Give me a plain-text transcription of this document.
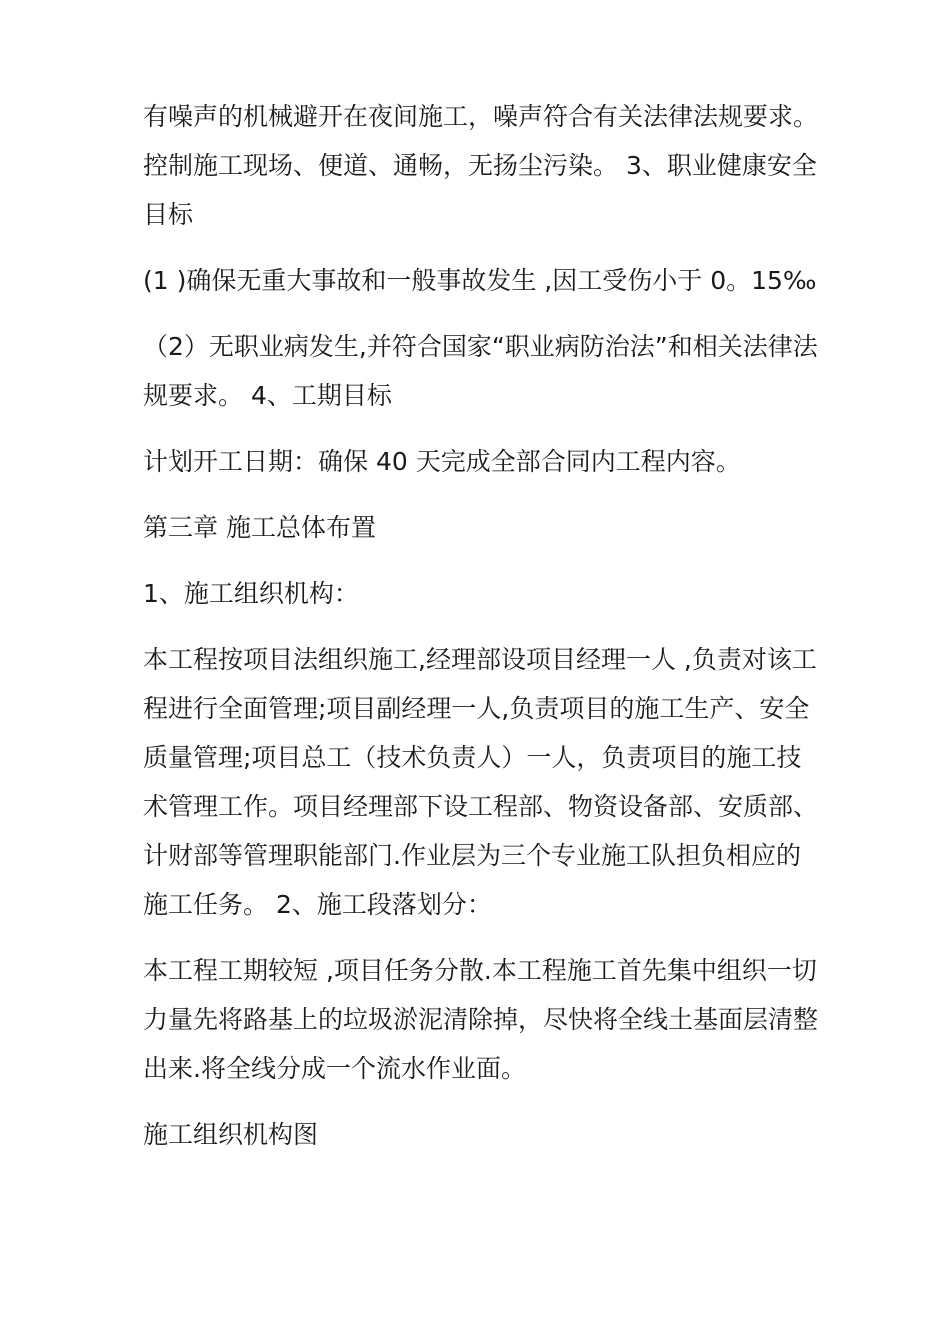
有噪声的机械避开在夜间施工，噪声符合有关法律法规要求。控制施工现场、便道、通畅，无扬尘污染。 3、职业健康安全目标

(1 )确保无重大事故和一般事故发生 ,因工受伤小于 0。15‰

（2）无职业病发生,并符合国家“职业病防治法”和相关法律法规要求。 4、工期目标

计划开工日期：确保 40 天完成全部合同内工程内容。

第三章 施工总体布置

1、施工组织机构：

本工程按项目法组织施工,经理部设项目经理一人 ,负责对该工程进行全面管理;项目副经理一人,负责项目的施工生产、安全质量管理;项目总工（技术负责人）一人，负责项目的施工技术管理工作。项目经理部下设工程部、物资设备部、安质部、计财部等管理职能部门.作业层为三个专业施工队担负相应的施工任务。 2、施工段落划分：

本工程工期较短 ,项目任务分散.本工程施工首先集中组织一切力量先将路基上的垃圾淤泥清除掉，尽快将全线土基面层清整出来.将全线分成一个流水作业面。

施工组织机构图
